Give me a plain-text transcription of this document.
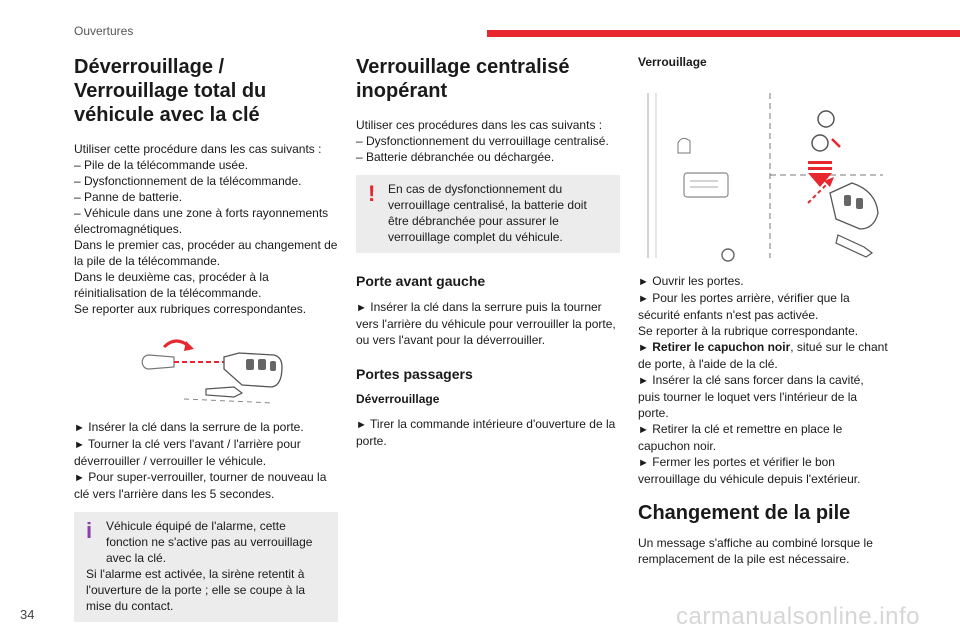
Ouvertures
Déverrouillage / Verrouillage total du véhicule avec la clé

Utiliser cette procédure dans les cas suivants :

– Pile de la télécommande usée.

– Dysfonctionnement de la télécommande.

– Panne de batterie.

– Véhicule dans une zone à forts rayonnements électromagnétiques.

Dans le premier cas, procéder au changement de la pile de la télécommande.

Dans le deuxième cas, procéder à la réinitialisation de la télécommande.

Se reporter aux rubriques correspondantes.

► Insérer la clé dans la serrure de la porte.

► Tourner la clé vers l'avant / l'arrière pour déverrouiller / verrouiller le véhicule.

► Pour super-verrouiller, tourner de nouveau la clé vers l'arrière dans les 5 secondes.

i	Véhicule équipé de l'alarme, cette fonction ne s'active pas au verrouillage avec la clé.
Si l'alarme est activée, la sirène retentit à l'ouverture de la porte ; elle se coupe à la mise du contact.
Verrouillage centralisé inopérant

Utiliser ces procédures dans les cas suivants :

– Dysfonctionnement du verrouillage centralisé.

– Batterie débranchée ou déchargée.

!	En cas de dysfonctionnement du verrouillage centralisé, la batterie doit être débranchée pour assurer le verrouillage complet du véhicule.
Porte avant gauche

► Insérer la clé dans la serrure puis la tourner vers l'arrière du véhicule pour verrouiller la porte, ou vers l'avant pour la déverrouiller.

Portes passagers
Déverrouillage

► Tirer la commande intérieure d'ouverture de la porte.

Verrouillage

► Ouvrir les portes.

► Pour les portes arrière, vérifier que la sécurité enfants n'est pas activée.

Se reporter à la rubrique correspondante.

► Retirer le capuchon noir, situé sur le chant de porte, à l'aide de la clé.

► Insérer la clé sans forcer dans la cavité, puis tourner le loquet vers l'intérieur de la porte.

► Retirer la clé et remettre en place le capuchon noir.

► Fermer les portes et vérifier le bon verrouillage du véhicule depuis l'extérieur.

Changement de la pile

Un message s'affiche au combiné lorsque le remplacement de la pile est nécessaire.

34	carmanualsonline.info
